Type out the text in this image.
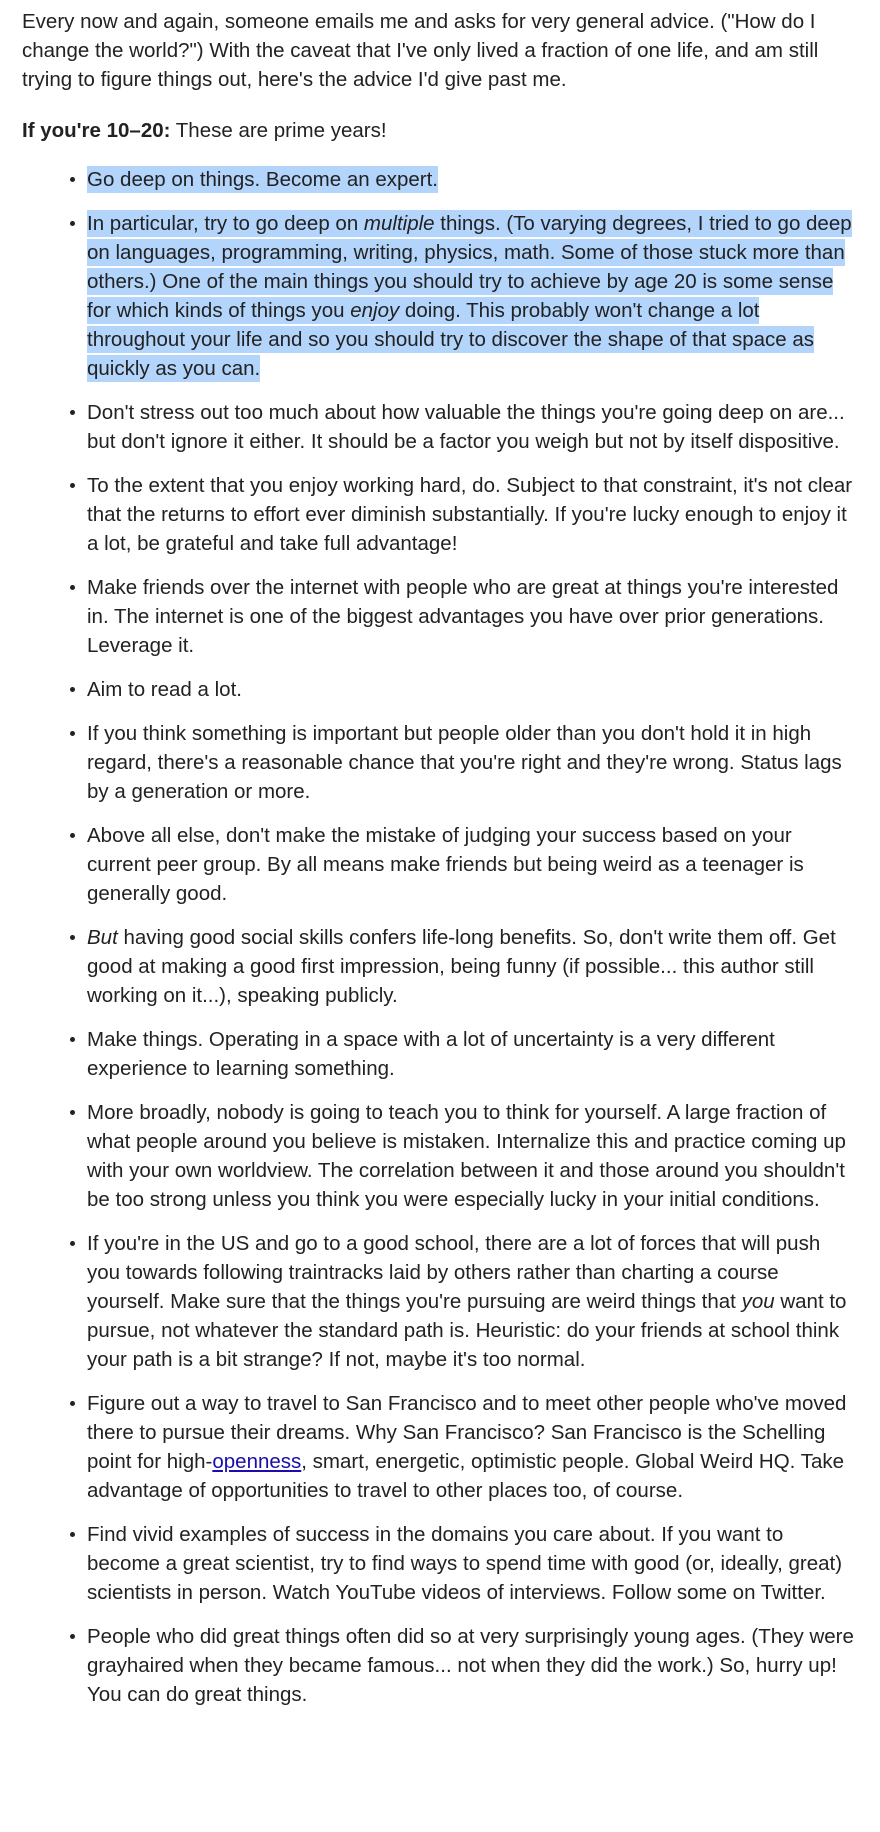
Every now and again, someone emails me and asks for very general advice. ("How do I change the world?") With the caveat that I've only lived a fraction of one life, and am still trying to figure things out, here's the advice I'd give past me.

If you're 10–20: These are prime years!

Go deep on things. Become an expert.
In particular, try to go deep on multiple things. (To varying degrees, I tried to go deep on languages, programming, writing, physics, math. Some of those stuck more than others.) One of the main things you should try to achieve by age 20 is some sense for which kinds of things you enjoy doing. This probably won't change a lot throughout your life and so you should try to discover the shape of that space as quickly as you can.
Don't stress out too much about how valuable the things you're going deep on are... but don't ignore it either. It should be a factor you weigh but not by itself dispositive.
To the extent that you enjoy working hard, do. Subject to that constraint, it's not clear that the returns to effort ever diminish substantially. If you're lucky enough to enjoy it a lot, be grateful and take full advantage!
Make friends over the internet with people who are great at things you're interested in. The internet is one of the biggest advantages you have over prior generations. Leverage it.
Aim to read a lot.
If you think something is important but people older than you don't hold it in high regard, there's a reasonable chance that you're right and they're wrong. Status lags by a generation or more.
Above all else, don't make the mistake of judging your success based on your current peer group. By all means make friends but being weird as a teenager is generally good.
But having good social skills confers life-long benefits. So, don't write them off. Get good at making a good first impression, being funny (if possible... this author still working on it...), speaking publicly.
Make things. Operating in a space with a lot of uncertainty is a very different experience to learning something.
More broadly, nobody is going to teach you to think for yourself. A large fraction of what people around you believe is mistaken. Internalize this and practice coming up with your own worldview. The correlation between it and those around you shouldn't be too strong unless you think you were especially lucky in your initial conditions.
If you're in the US and go to a good school, there are a lot of forces that will push you towards following traintracks laid by others rather than charting a course yourself. Make sure that the things you're pursuing are weird things that you want to pursue, not whatever the standard path is. Heuristic: do your friends at school think your path is a bit strange? If not, maybe it's too normal.
Figure out a way to travel to San Francisco and to meet other people who've moved there to pursue their dreams. Why San Francisco? San Francisco is the Schelling point for high-openness, smart, energetic, optimistic people. Global Weird HQ. Take advantage of opportunities to travel to other places too, of course.
Find vivid examples of success in the domains you care about. If you want to become a great scientist, try to find ways to spend time with good (or, ideally, great) scientists in person. Watch YouTube videos of interviews. Follow some on Twitter.
People who did great things often did so at very surprisingly young ages. (They were grayhaired when they became famous... not when they did the work.) So, hurry up! You can do great things.
